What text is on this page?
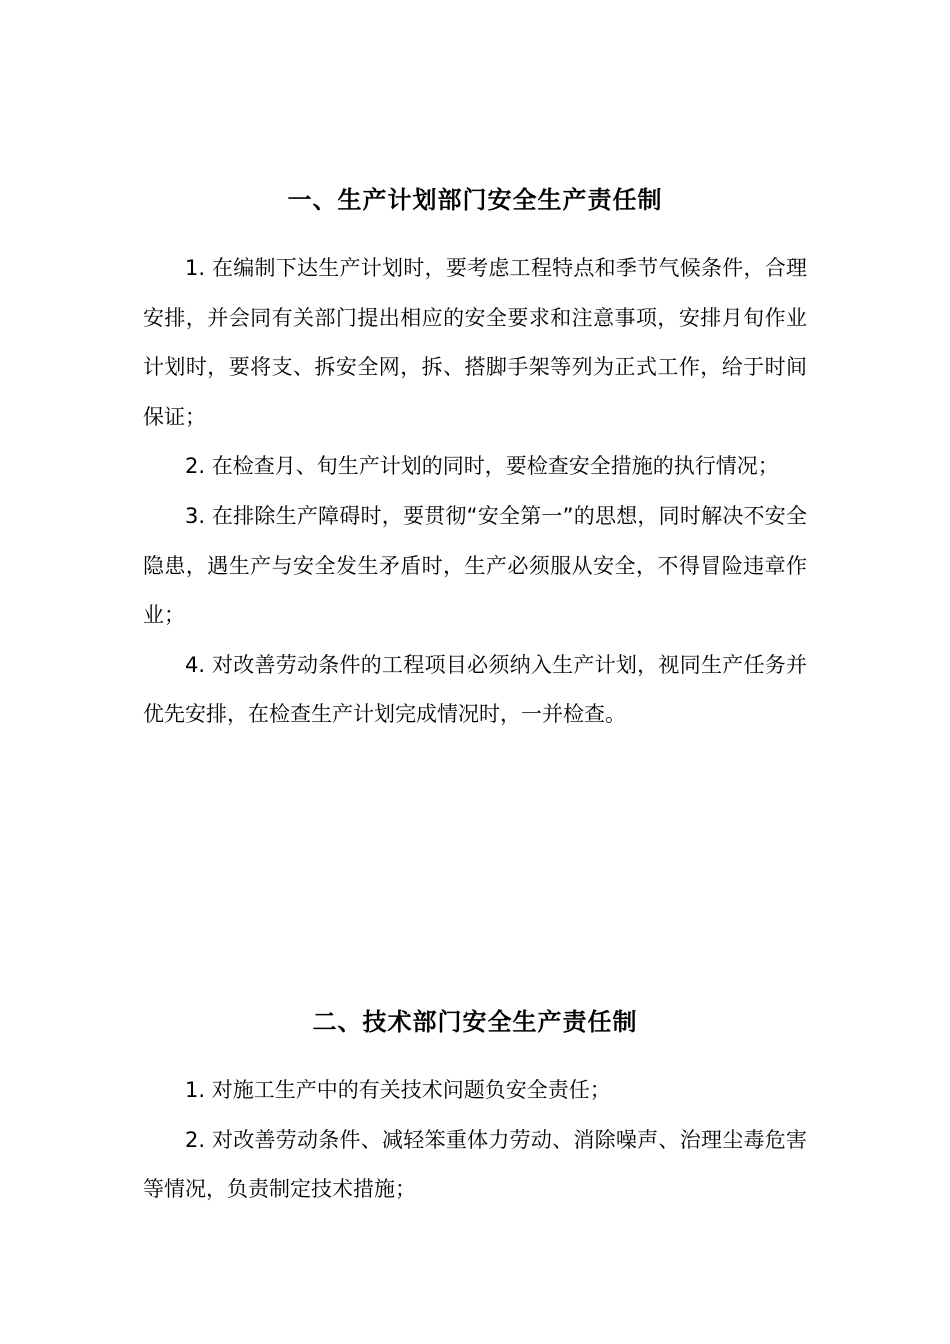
一、生产计划部门安全生产责任制

1. 在编制下达生产计划时，要考虑工程特点和季节气候条件，合理安排，并会同有关部门提出相应的安全要求和注意事项，安排月旬作业计划时，要将支、拆安全网，拆、搭脚手架等列为正式工作，给于时间保证；

2. 在检查月、旬生产计划的同时，要检查安全措施的执行情况；

3. 在排除生产障碍时，要贯彻“安全第一”的思想，同时解决不安全隐患，遇生产与安全发生矛盾时，生产必须服从安全，不得冒险违章作业；

4. 对改善劳动条件的工程项目必须纳入生产计划，视同生产任务并优先安排，在检查生产计划完成情况时，一并检查。

二、技术部门安全生产责任制

1. 对施工生产中的有关技术问题负安全责任；

2. 对改善劳动条件、减轻笨重体力劳动、消除噪声、治理尘毒危害等情况，负责制定技术措施；
